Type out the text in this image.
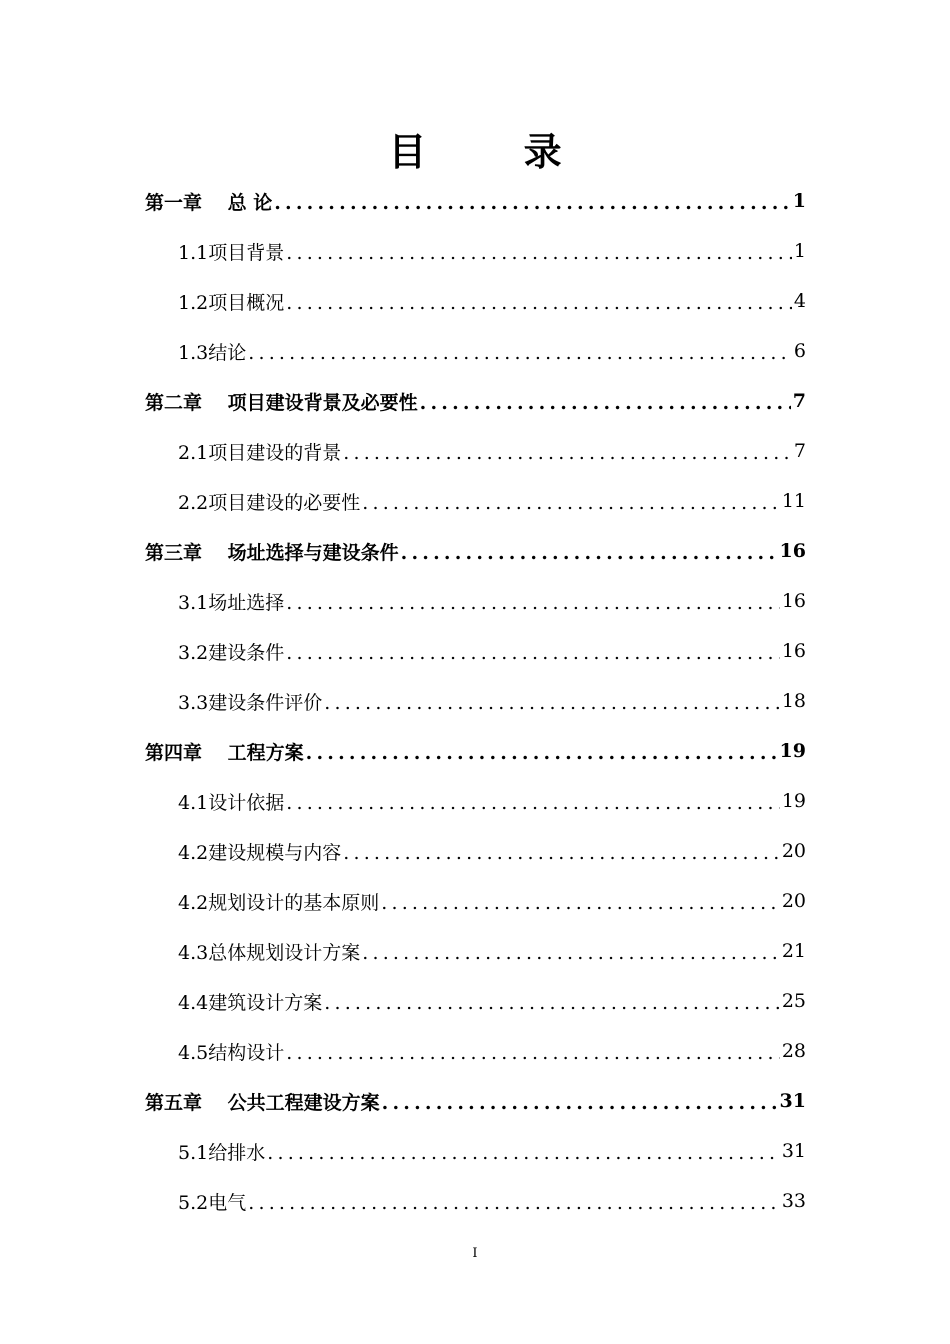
目 录
第一章　 总 论 .....	1
1.1项目背景 .....	1
1.2项目概况 .....	4
1.3结论 .....	6
第二章　 项目建设背景及必要性 .....	7
2.1项目建设的背景 .....	7
2.2项目建设的必要性 .....	11
第三章　 场址选择与建设条件 .....	16
3.1场址选择 .....	16
3.2建设条件 .....	16
3.3建设条件评价 .....	18
第四章　 工程方案 .....	19
4.1设计依据 .....	19
4.2建设规模与内容 .....	20
4.2规划设计的基本原则 .....	20
4.3总体规划设计方案 .....	21
4.4建筑设计方案 .....	25
4.5结构设计 .....	28
第五章　 公共工程建设方案 .....	31
5.1给排水 .....	31
5.2电气 .....	33
I
